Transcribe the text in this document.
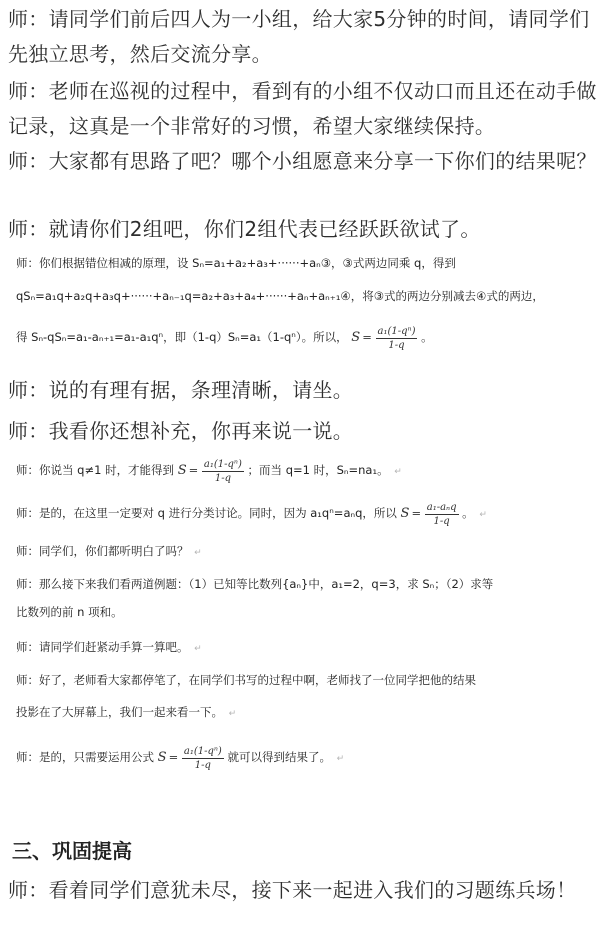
师：请同学们前后四人为一小组，给大家5分钟的时间，请同学们先独立思考，然后交流分享。
师：老师在巡视的过程中，看到有的小组不仅动口而且还在动手做记录，这真是一个非常好的习惯，希望大家继续保持。
师：大家都有思路了吧？哪个小组愿意来分享一下你们的结果呢？
师：就请你们2组吧，你们2组代表已经跃跃欲试了。
师：你们根据错位相减的原理，设 Sₙ=a₁+a₂+a₃+······+aₙ③，③式两边同乘 q，得到
qSₙ=a₁q+a₂q+a₃q+······+aₙ₋₁q=a₂+a₃+a₄+······+aₙ+aₙ₊₁④，将③式的两边分别减去④式的两边，
得 Sₙ-qSₙ=a₁-aₙ₊₁=a₁-a₁qⁿ，即（1-q）Sₙ=a₁（1-qⁿ）。所以， $S = \frac{\text{a₁(1-qⁿ)}}{1-q}$ 。
师：说的有理有据，条理清晰，请坐。
师：我看你还想补充，你再来说一说。
师：你说当 q≠1 时，才能得到 $S = \frac{\text{a₁(1-qⁿ)}}{1-q}$ ；而当 q=1 时，Sₙ=na₁。 ↵
师：是的，在这里一定要对 q 进行分类讨论。同时，因为 a₁qⁿ=aₙq，所以 $S = \frac{\text{a₁-aₙq}}{1-q}$ 。 ↵
师：同学们，你们都听明白了吗？ ↵
师：那么接下来我们看两道例题：（1）已知等比数列{aₙ}中，a₁=2，q=3，求 Sₙ；（2）求等
比数列的前 n 项和。
师：请同学们赶紧动手算一算吧。 ↵
师：好了，老师看大家都停笔了，在同学们书写的过程中啊，老师找了一位同学把他的结果
投影在了大屏幕上，我们一起来看一下。 ↵
师：是的，只需要运用公式 $S = \frac{\text{a₁(1-qⁿ)}}{1-q}$ 就可以得到结果了。 ↵
三、巩固提高
师：看着同学们意犹未尽，接下来一起进入我们的习题练兵场！
